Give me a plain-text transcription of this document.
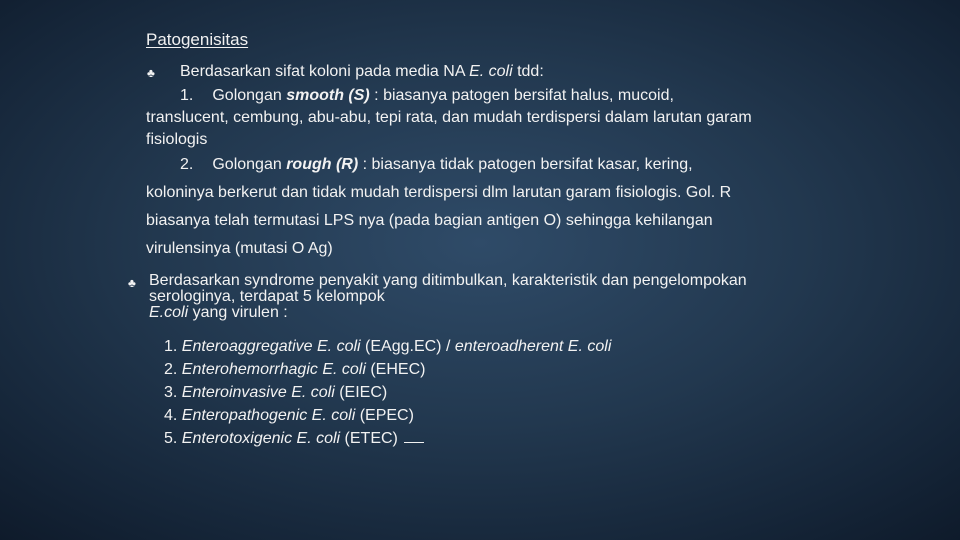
Patogenisitas
♣ Berdasarkan sifat koloni pada media NA E. coli tdd:
1. Golongan smooth (S) : biasanya patogen bersifat halus, mucoid,
translucent, cembung, abu-abu, tepi rata, dan mudah terdispersi dalam larutan garam
fisiologis
2. Golongan rough (R) : biasanya tidak patogen bersifat kasar, kering,
koloninya berkerut dan tidak mudah terdispersi dlm larutan garam fisiologis. Gol. R
biasanya telah termutasi LPS nya (pada bagian antigen O) sehingga kehilangan
virulensinya (mutasi O Ag)
♣ Berdasarkan syndrome penyakit yang ditimbulkan, karakteristik dan pengelompokan
serologinya, terdapat 5 kelompok
E.coli yang virulen :
1. Enteroaggregative E. coli (EAgg.EC) / enteroadherent E. coli
2. Enterohemorrhagic E. coli (EHEC)
3. Enteroinvasive E. coli (EIEC)
4. Enteropathogenic E. coli (EPEC)
5. Enterotoxigenic E. coli (ETEC)
